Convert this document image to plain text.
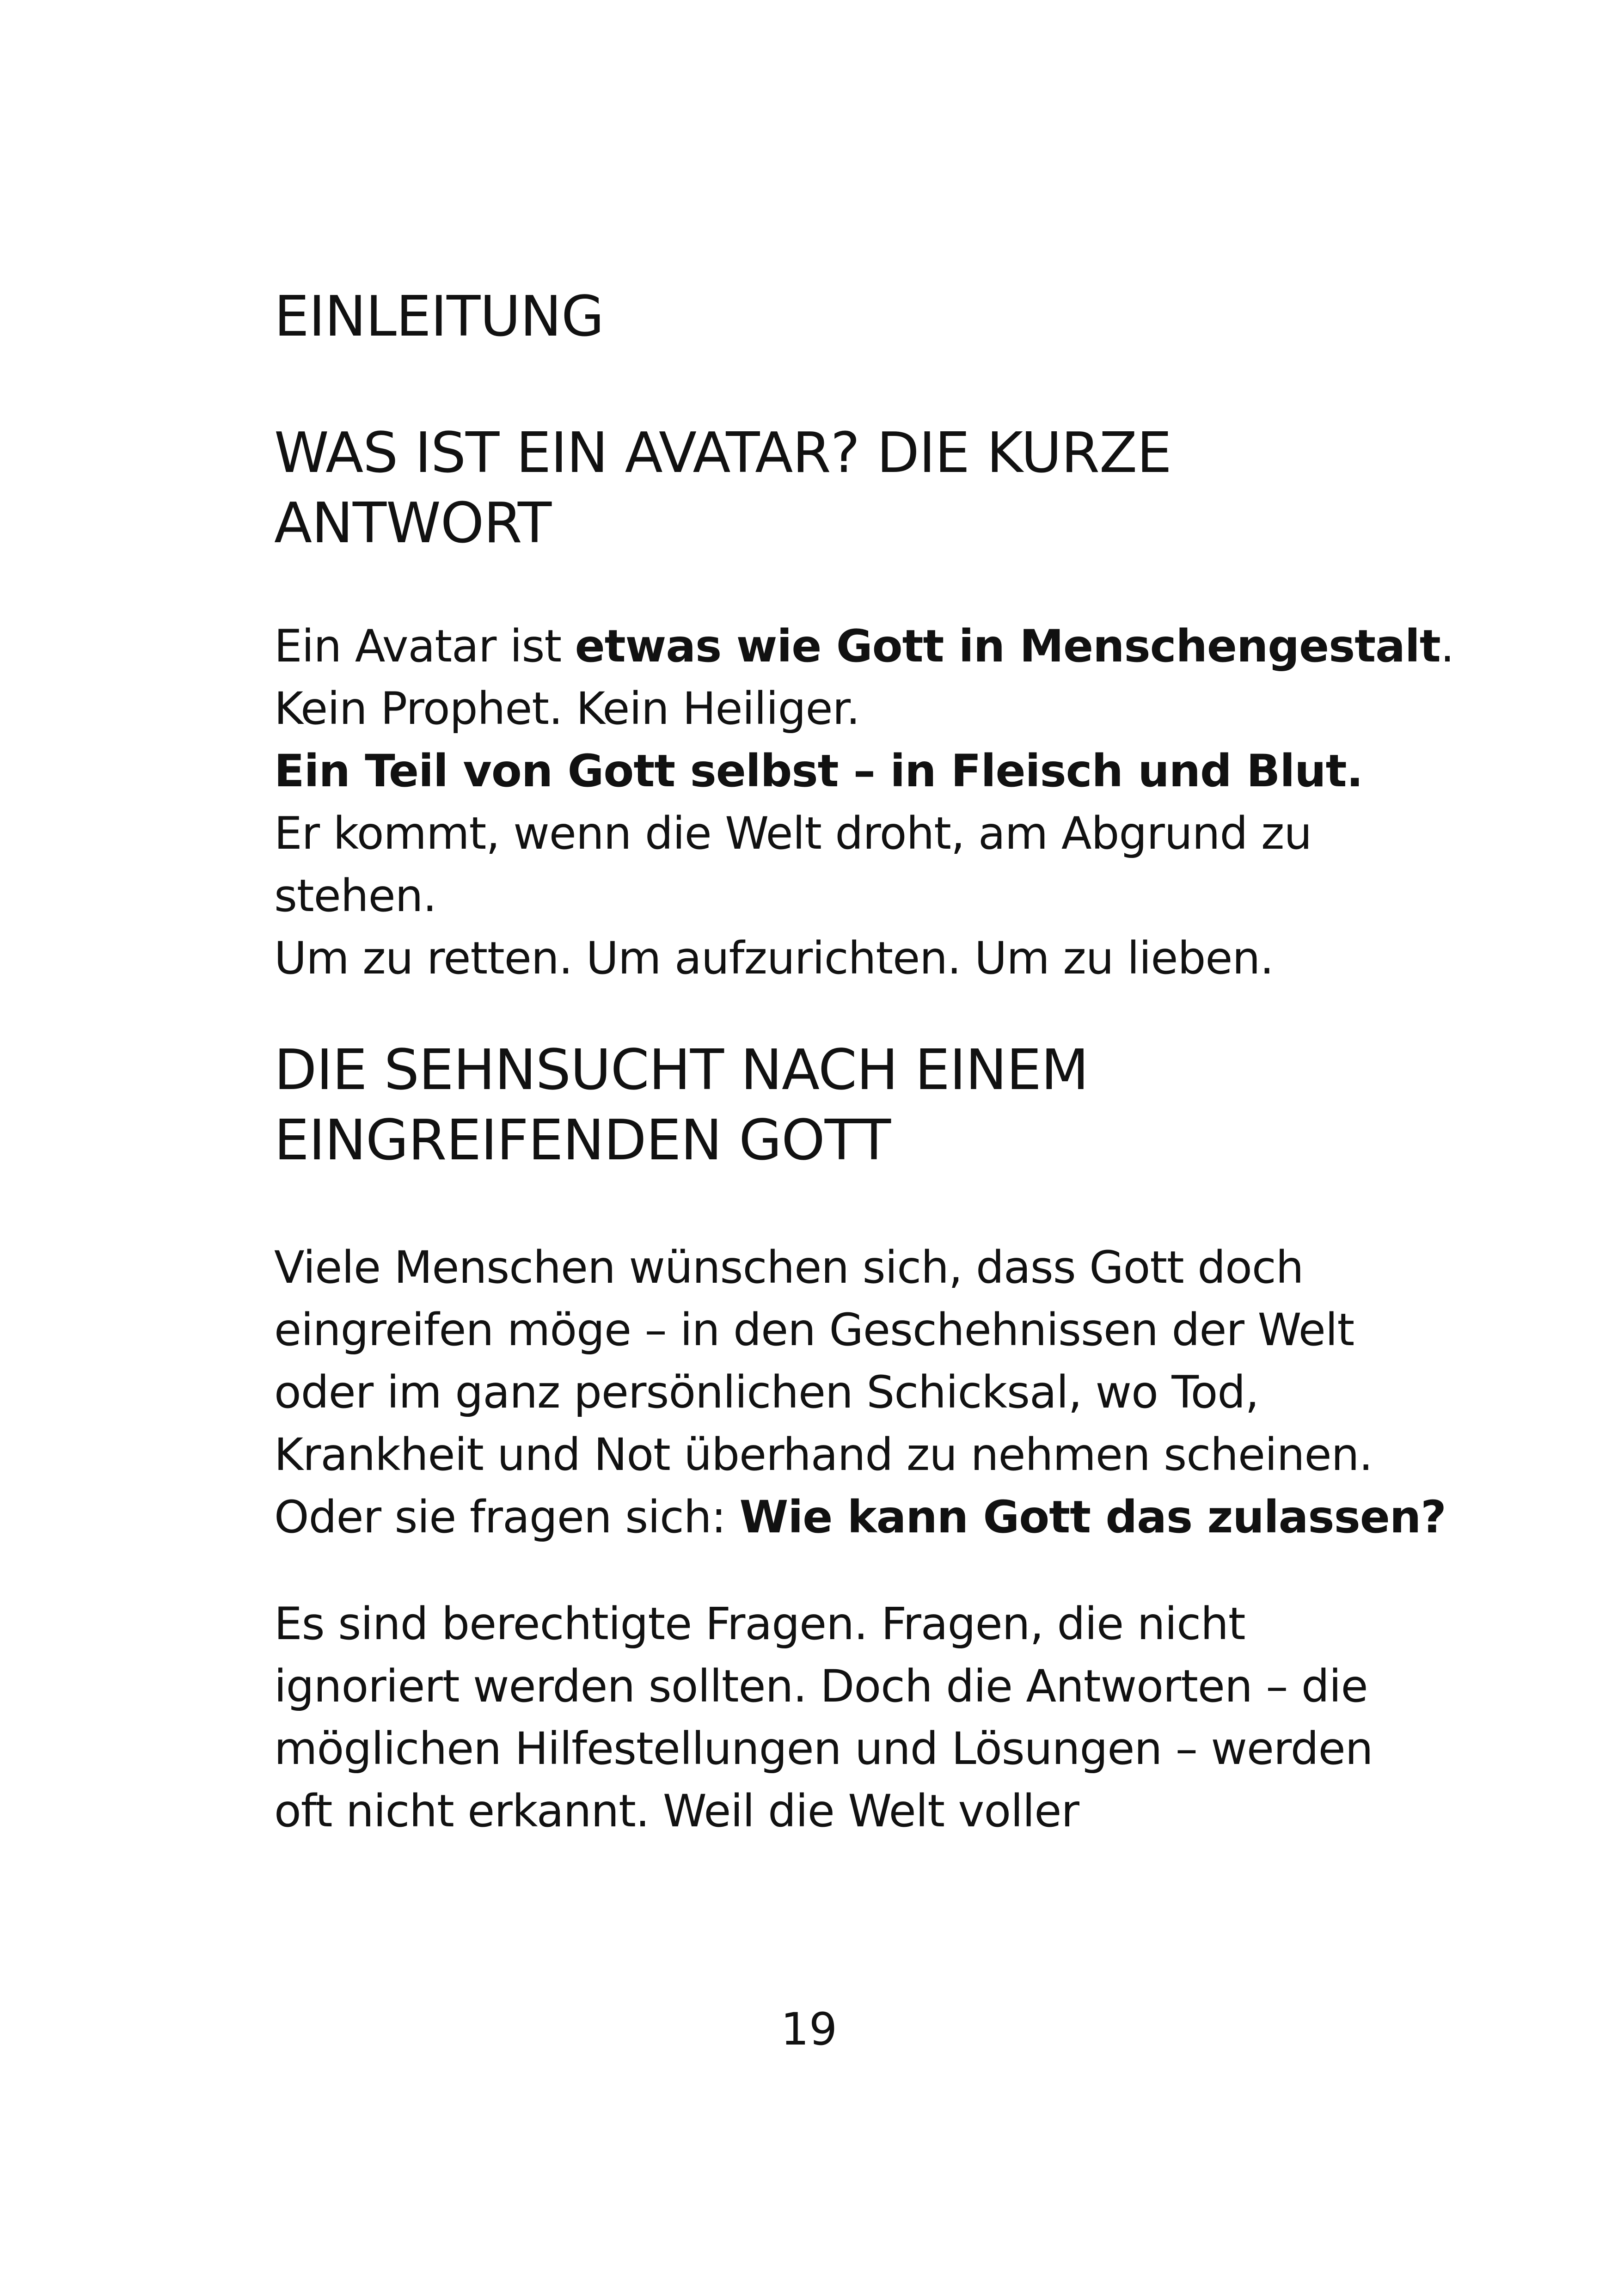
EINLEITUNG
WAS IST EIN AVATAR? DIE KURZE
ANTWORT
Ein Avatar ist etwas wie Gott in Menschengestalt.
Kein Prophet. Kein Heiliger.
Ein Teil von Gott selbst – in Fleisch und Blut.
Er kommt, wenn die Welt droht, am Abgrund zu
stehen.
Um zu retten. Um aufzurichten. Um zu lieben.
DIE SEHNSUCHT NACH EINEM
EINGREIFENDEN GOTT
Viele Menschen wünschen sich, dass Gott doch
eingreifen möge – in den Geschehnissen der Welt
oder im ganz persönlichen Schicksal, wo Tod,
Krankheit und Not überhand zu nehmen scheinen.
Oder sie fragen sich: Wie kann Gott das zulassen?
Es sind berechtigte Fragen. Fragen, die nicht
ignoriert werden sollten. Doch die Antworten – die
möglichen Hilfestellungen und Lösungen – werden
oft nicht erkannt. Weil die Welt voller
19
